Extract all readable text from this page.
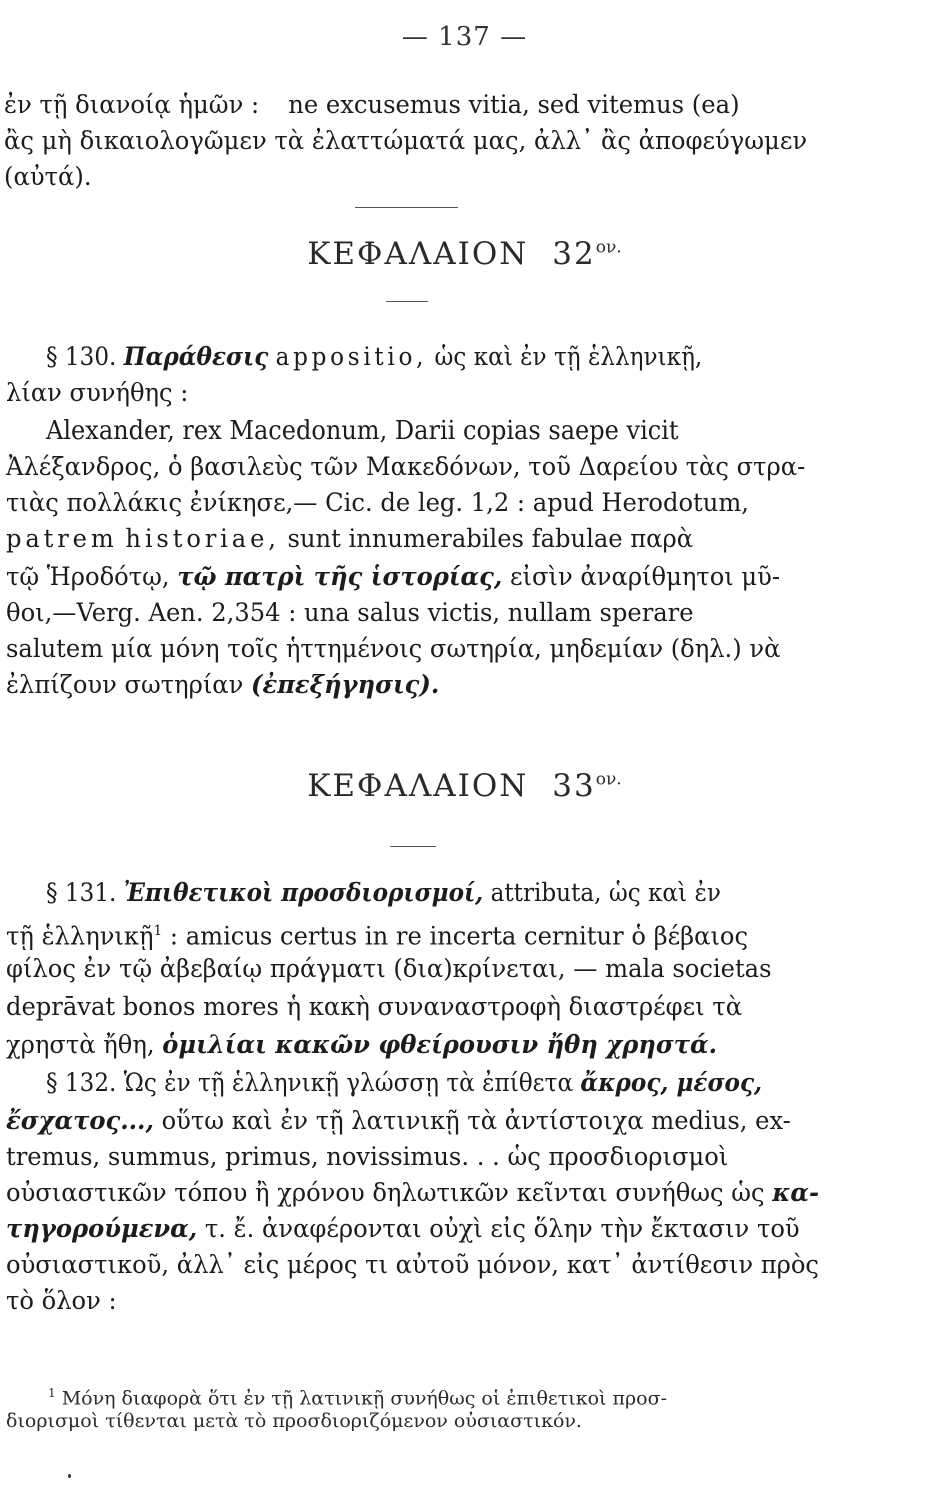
— 137 —
ἐν τῇ διανοίᾳ ἡμῶν : ne excusemus vitia, sed vitemus (ea)
ἂς μὴ δικαιολογῶμεν τὰ ἐλαττώματά μας, ἀλλ᾿ ἂς ἀποφεύγωμεν
(αὐτά).
ΚΕΦΑΛΑΙΟΝ $32^{o\nu.}$
§ 130. Παράθεσις appositio, ὡς καὶ ἐν τῇ ἑλληνικῇ,
λίαν συνήθης :
Alexander, rex Macedonum, Darii copias saepe vicit
Ἀλέξανδρος, ὁ βασιλεὺς τῶν Μακεδόνων, τοῦ Δαρείου τὰς στρα-
τιὰς πολλάκις ἐνίκησε,— Cic. de leg. 1,2 : apud Herodotum,
patrem historiae, sunt innumerabiles fabulae παρὰ
τῷ Ἡροδότῳ, τῷ πατρὶ τῆς ἱστορίας, εἰσὶν ἀναρίθμητοι μῦ-
θοι,—Verg. Aen. 2,354 : una salus victis, nullam sperare
salutem μία μόνη τοῖς ἡττημένοις σωτηρία, μηδεμίαν (δηλ.) νὰ
ἐλπίζουν σωτηρίαν (ἐπεξήγησις).
ΚΕΦΑΛΑΙΟΝ $33^{o\nu.}$
§ 131. Ἐπιθετικοὶ προσδιορισμοί, attributa, ὡς καὶ ἐν
τῇ ἑλληνικῇ$^1$ : amicus certus in re incerta cernitur ὁ βέβαιος
φίλος ἐν τῷ ἀβεβαίῳ πράγματι (δια)κρίνεται, — mala societas
deprāvat bonos mores ἡ κακὴ συναναστροφὴ διαστρέφει τὰ
χρηστὰ ἤθη, ὁμιλίαι κακῶν φθείρουσιν ἤθη χρηστά.
§ 132. Ὡς ἐν τῇ ἑλληνικῇ γλώσσῃ τὰ ἐπίθετα ἄκρος, μέσος,
ἔσχατος..., οὕτω καὶ ἐν τῇ λατινικῇ τὰ ἀντίστοιχα medius, ex-
tremus, summus, primus, novissimus. . . ὡς προσδιορισμοὶ
οὐσιαστικῶν τόπου ἢ χρόνου δηλωτικῶν κεῖνται συνήθως ὡς κα-
τηγορούμενα, τ. ἔ. ἀναφέρονται οὐχὶ εἰς ὅλην τὴν ἔκτασιν τοῦ
οὐσιαστικοῦ, ἀλλ᾿ εἰς μέρος τι αὐτοῦ μόνον, κατ᾿ ἀντίθεσιν πρὸς
τὸ ὅλον :
$^1$ Μόνη διαφορὰ ὅτι ἐν τῇ λατινικῇ συνήθως οἱ ἐπιθετικοὶ προσ-
διορισμοὶ τίθενται μετὰ τὸ προσδιοριζόμενον οὐσιαστικόν.
